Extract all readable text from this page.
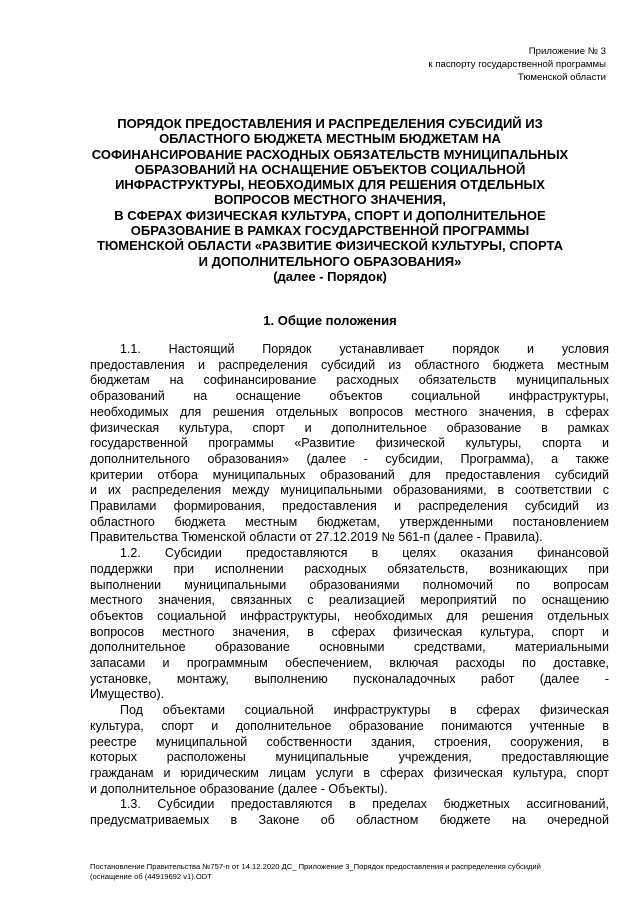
Приложение № 3
к паспорту государственной программы
Тюменской области
ПОРЯДОК ПРЕДОСТАВЛЕНИЯ И РАСПРЕДЕЛЕНИЯ СУБСИДИЙ ИЗ
ОБЛАСТНОГО БЮДЖЕТА МЕСТНЫМ БЮДЖЕТАМ НА
СОФИНАНСИРОВАНИЕ РАСХОДНЫХ ОБЯЗАТЕЛЬСТВ МУНИЦИПАЛЬНЫХ
ОБРАЗОВАНИЙ НА ОСНАЩЕНИЕ ОБЪЕКТОВ СОЦИАЛЬНОЙ
ИНФРАСТРУКТУРЫ, НЕОБХОДИМЫХ ДЛЯ РЕШЕНИЯ ОТДЕЛЬНЫХ
ВОПРОСОВ МЕСТНОГО ЗНАЧЕНИЯ,
В СФЕРАХ ФИЗИЧЕСКАЯ КУЛЬТУРА, СПОРТ И ДОПОЛНИТЕЛЬНОЕ
ОБРАЗОВАНИЕ В РАМКАХ ГОСУДАРСТВЕННОЙ ПРОГРАММЫ
ТЮМЕНСКОЙ ОБЛАСТИ «РАЗВИТИЕ ФИЗИЧЕСКОЙ КУЛЬТУРЫ, СПОРТА
И ДОПОЛНИТЕЛЬНОГО ОБРАЗОВАНИЯ»
(далее - Порядок)
1. Общие положения
1.1. Настоящий Порядок устанавливает порядок и условия
предоставления и распределения субсидий из областного бюджета местным
бюджетам на софинансирование расходных обязательств муниципальных
образований на оснащение объектов социальной инфраструктуры,
необходимых для решения отдельных вопросов местного значения, в сферах
физическая культура, спорт и дополнительное образование в рамках
государственной программы «Развитие физической культуры, спорта и
дополнительного образования» (далее - субсидии, Программа), а также
критерии отбора муниципальных образований для предоставления субсидий
и их распределения между муниципальными образованиями, в соответствии с
Правилами формирования, предоставления и распределения субсидий из
областного бюджета местным бюджетам, утвержденными постановлением
Правительства Тюменской области от 27.12.2019 № 561-п (далее - Правила).
1.2. Субсидии предоставляются в целях оказания финансовой
поддержки при исполнении расходных обязательств, возникающих при
выполнении муниципальными образованиями полномочий по вопросам
местного значения, связанных с реализацией мероприятий по оснащению
объектов социальной инфраструктуры, необходимых для решения отдельных
вопросов местного значения, в сферах физическая культура, спорт и
дополнительное образование основными средствами, материальными
запасами и программным обеспечением, включая расходы по доставке,
установке, монтажу, выполнению пусконаладочных работ (далее -
Имущество).
Под объектами социальной инфраструктуры в сферах физическая
культура, спорт и дополнительное образование понимаются учтенные в
реестре муниципальной собственности здания, строения, сооружения, в
которых расположены муниципальные учреждения, предоставляющие
гражданам и юридическим лицам услуги в сферах физическая культура, спорт
и дополнительное образование (далее - Объекты).
1.3. Субсидии предоставляются в пределах бюджетных ассигнований,
предусматриваемых в Законе об областном бюджете на очередной
Постановление Правительства №757-п от 14.12.2020 ДС_ Приложение 3_Порядок предоставления и распределения субсидий
(оснащение об (44919692 v1).ODT
